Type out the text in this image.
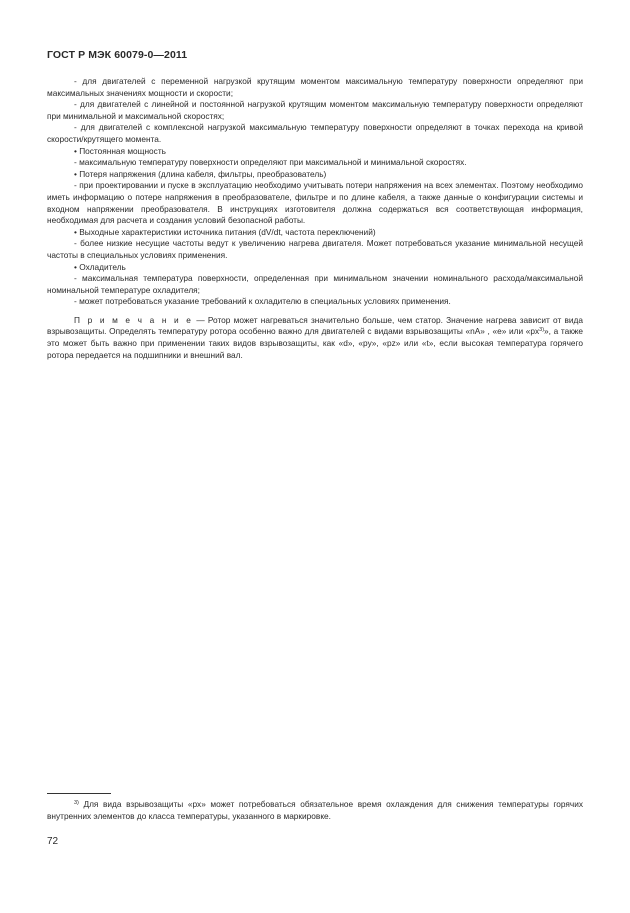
ГОСТ Р МЭК 60079-0—2011

- для двигателей с переменной нагрузкой крутящим моментом максимальную температуру поверхности определяют при максимальных значениях мощности и скорости;

- для двигателей с линейной и постоянной нагрузкой крутящим моментом максимальную температуру поверхности определяют при минимальной и максимальной скоростях;

- для двигателей с комплексной нагрузкой максимальную температуру поверхности определяют в точках перехода на кривой скорости/крутящего момента.

• Постоянная мощность

- максимальную температуру поверхности определяют при максимальной и минимальной скоростях.

• Потеря напряжения (длина кабеля, фильтры, преобразователь)

- при проектировании и пуске в эксплуатацию необходимо учитывать потери напряжения на всех элементах. Поэтому необходимо иметь информацию о потере напряжения в преобразователе, фильтре и по длине кабеля, а также данные о конфигурации системы и входном напряжении преобразователя. В инструкциях изготовителя должна содержаться вся соответствующая информация, необходимая для расчета и создания условий безопасной работы.

• Выходные характеристики источника питания (dV/dt, частота переключений)

- более низкие несущие частоты ведут к увеличению нагрева двигателя. Может потребоваться указание минимальной несущей частоты в специальных условиях применения.

• Охладитель

- максимальная температура поверхности, определенная при минимальном значении номинального расхода/максимальной номинальной температуре охладителя;

- может потребоваться указание требований к охладителю в специальных условиях применения.

П р и м е ч а н и е — Ротор может нагреваться значительно больше, чем статор. Значение нагрева зависит от вида взрывозащиты. Определять температуру ротора особенно важно для двигателей с видами взрывозащиты «nA» , «e» или «$px^{3)}$», а также это может быть важно при применении таких видов взрывозащиты, как «d», «py», «pz» или «t», если высокая температура горячего ротора передается на подшипники и внешний вал.

$^{3)}$ Для вида взрывозащиты «px» может потребоваться обязательное время охлаждения для снижения температуры горячих внутренних элементов до класса температуры, указанного в маркировке.
72
